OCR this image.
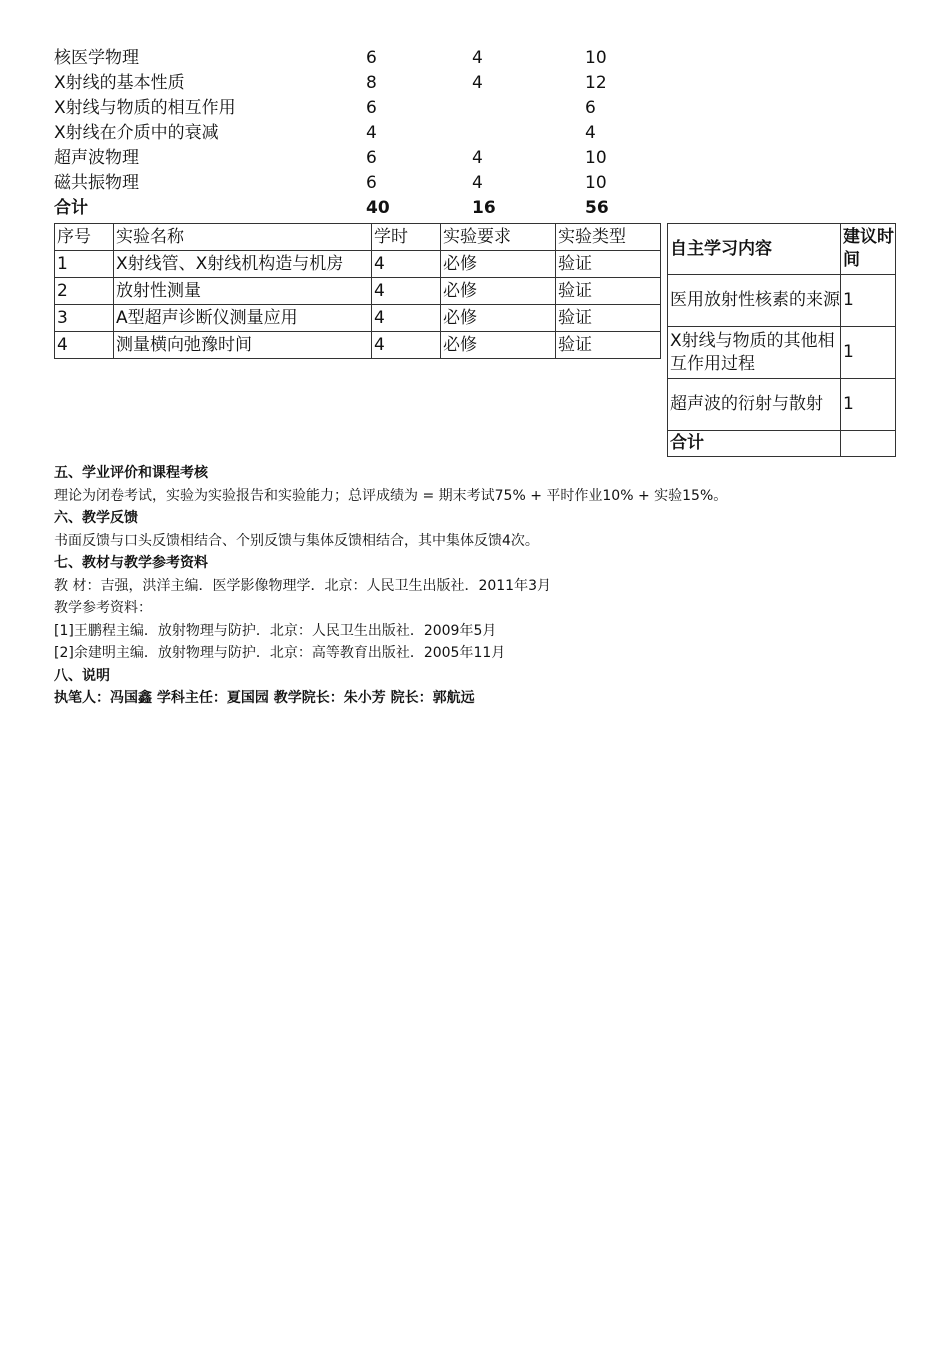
核医学物理	6	4	10
X射线的基本性质	8	4	12
X射线与物质的相互作用	6		6
X射线在介质中的衰减	4		4
超声波物理	6	4	10
磁共振物理	6	4	10
合计	40	16	56
序号	实验名称	学时	实验要求	实验类型
1	X射线管、X射线机构造与机房	4	必修	验证
2	放射性测量	4	必修	验证
3	A型超声诊断仪测量应用	4	必修	验证
4	测量横向弛豫时间	4	必修	验证
自主学习内容	建议时间
医用放射性核素的来源	1
X射线与物质的其他相互作用过程	1
超声波的衍射与散射	1
合计	
五、学业评价和课程考核
理论为闭卷考试，实验为实验报告和实验能力；总评成绩为 = 期末考试75% + 平时作业10% + 实验15%。
六、教学反馈
书面反馈与口头反馈相结合、个别反馈与集体反馈相结合，其中集体反馈4次。
七、教材与教学参考资料
教 材：吉强，洪洋主编．医学影像物理学．北京：人民卫生出版社．2011年3月
教学参考资料：
[1]王鹏程主编．放射物理与防护．北京：人民卫生出版社．2009年5月
[2]余建明主编．放射物理与防护．北京：高等教育出版社．2005年11月
八、说明
执笔人：冯国鑫 学科主任：夏国园 教学院长：朱小芳 院长：郭航远
